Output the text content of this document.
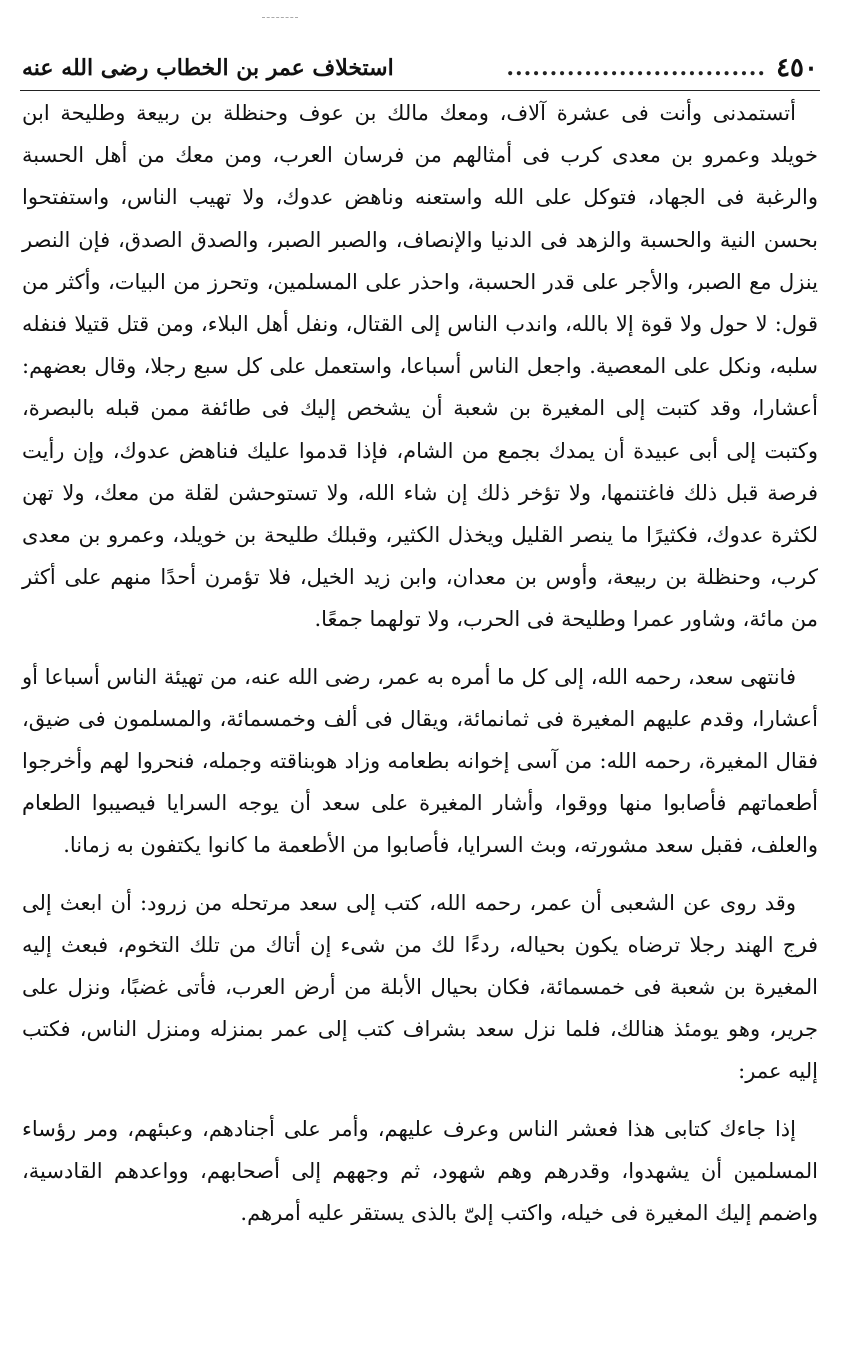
٤٥٠
..............................
استخلاف عمر بن الخطاب رضى الله عنه

أتستمدنى وأنت فى عشرة آلاف، ومعك مالك بن عوف وحنظلة بن ربيعة وطليحة ابن خويلد وعمرو بن معدى كرب فى أمثالهم من فرسان العرب، ومن معك من أهل الحسبة والرغبة فى الجهاد، فتوكل على الله واستعنه وناهض عدوك، ولا تهيب الناس، واستفتحوا بحسن النية والحسبة والزهد فى الدنيا والإنصاف، والصبر الصبر، والصدق الصدق، فإن النصر ينزل مع الصبر، والأجر على قدر الحسبة، واحذر على المسلمين، وتحرز من البيات، وأكثر من قول: لا حول ولا قوة إلا بالله، واندب الناس إلى القتال، ونفل أهل البلاء، ومن قتل قتيلا فنفله سلبه، ونكل على المعصية. واجعل الناس أسباعا، واستعمل على كل سبع رجلا، وقال بعضهم: أعشارا، وقد كتبت إلى المغيرة بن شعبة أن يشخص إليك فى طائفة ممن قبله بالبصرة، وكتبت إلى أبى عبيدة أن يمدك بجمع من الشام، فإذا قدموا عليك فناهض عدوك، وإن رأيت فرصة قبل ذلك فاغتنمها، ولا تؤخر ذلك إن شاء الله، ولا تستوحشن لقلة من معك، ولا تهن لكثرة عدوك، فكثيرًا ما ينصر القليل ويخذل الكثير، وقبلك طليحة بن خويلد، وعمرو بن معدى كرب، وحنظلة بن ربيعة، وأوس بن معدان، وابن زيد الخيل، فلا تؤمرن أحدًا منهم على أكثر من مائة، وشاور عمرا وطليحة فى الحرب، ولا تولهما جمعًا.

فانتهى سعد، رحمه الله، إلى كل ما أمره به عمر، رضى الله عنه، من تهيئة الناس أسباعا أو أعشارا، وقدم عليهم المغيرة فى ثمانمائة، ويقال فى ألف وخمسمائة، والمسلمون فى ضيق، فقال المغيرة، رحمه الله: من آسى إخوانه بطعامه وزاد هوبناقته وجمله، فنحروا لهم وأخرجوا أطعماتهم فأصابوا منها ووقوا، وأشار المغيرة على سعد أن يوجه السرايا فيصيبوا الطعام والعلف، فقبل سعد مشورته، وبث السرايا، فأصابوا من الأطعمة ما كانوا يكتفون به زمانا.

وقد روى عن الشعبى أن عمر، رحمه الله، كتب إلى سعد مرتحله من زرود: أن ابعث إلى فرج الهند رجلا ترضاه يكون بحياله، ردءًا لك من شىء إن أتاك من تلك التخوم، فبعث إليه المغيرة بن شعبة فى خمسمائة، فكان بحيال الأبلة من أرض العرب، فأتى غضبًا، ونزل على جرير، وهو يومئذ هنالك، فلما نزل سعد بشراف كتب إلى عمر بمنزله ومنزل الناس، فكتب إليه عمر:

إذا جاءك كتابى هذا فعشر الناس وعرف عليهم، وأمر على أجنادهم، وعبئهم، ومر رؤساء المسلمين أن يشهدوا، وقدرهم وهم شهود، ثم وجههم إلى أصحابهم، وواعدهم القادسية، واضمم إليك المغيرة فى خيله، واكتب إلىّ بالذى يستقر عليه أمرهم.
